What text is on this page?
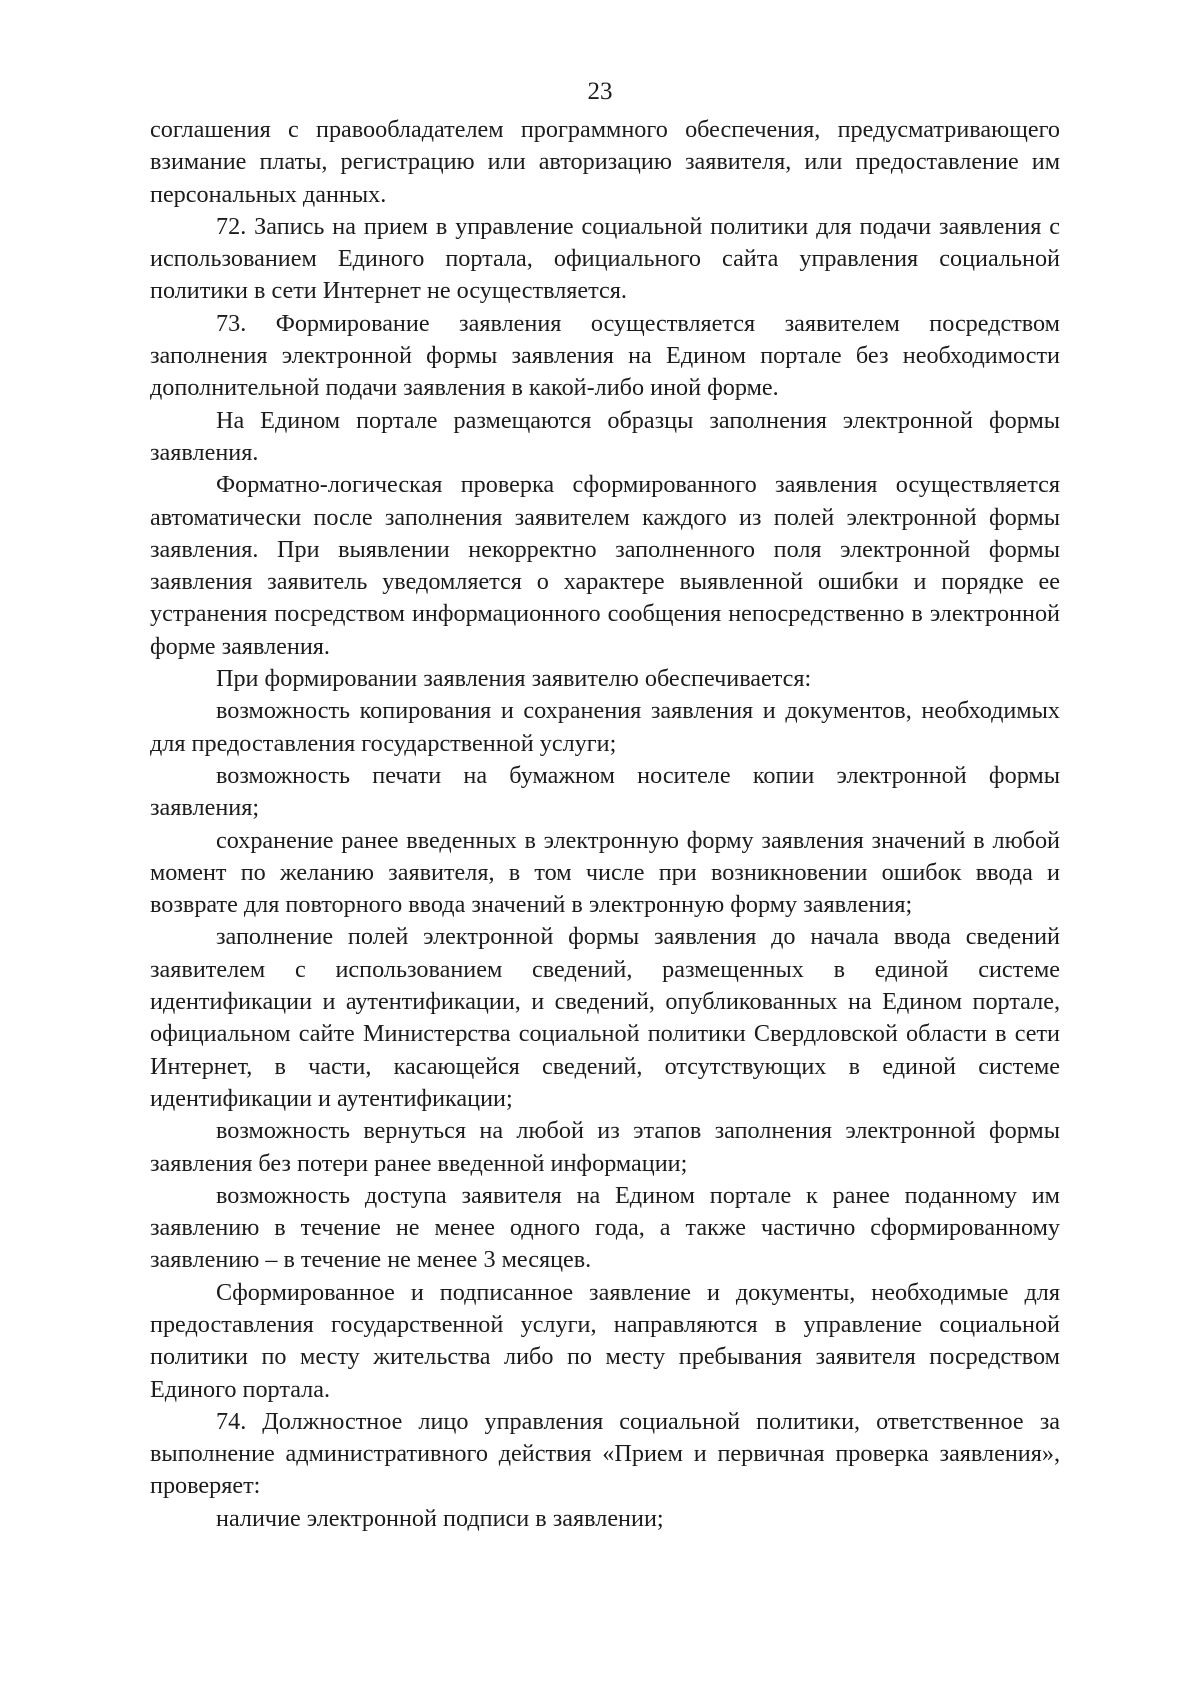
23

соглашения с правообладателем программного обеспечения, предусматривающего взимание платы, регистрацию или авторизацию заявителя, или предоставление им персональных данных.

72. Запись на прием в управление социальной политики для подачи заявления с использованием Единого портала, официального сайта управления социальной политики в сети Интернет не осуществляется.

73. Формирование заявления осуществляется заявителем посредством заполнения электронной формы заявления на Едином портале без необходимости дополнительной подачи заявления в какой-либо иной форме.

На Едином портале размещаются образцы заполнения электронной формы заявления.

Форматно-логическая проверка сформированного заявления осуществляется автоматически после заполнения заявителем каждого из полей электронной формы заявления. При выявлении некорректно заполненного поля электронной формы заявления заявитель уведомляется о характере выявленной ошибки и порядке ее устранения посредством информационного сообщения непосредственно в электронной форме заявления.

При формировании заявления заявителю обеспечивается:

возможность копирования и сохранения заявления и документов, необходимых для предоставления государственной услуги;

возможность печати на бумажном носителе копии электронной формы заявления;

сохранение ранее введенных в электронную форму заявления значений в любой момент по желанию заявителя, в том числе при возникновении ошибок ввода и возврате для повторного ввода значений в электронную форму заявления;

заполнение полей электронной формы заявления до начала ввода сведений заявителем с использованием сведений, размещенных в единой системе идентификации и аутентификации, и сведений, опубликованных на Едином портале, официальном сайте Министерства социальной политики Свердловской области в сети Интернет, в части, касающейся сведений, отсутствующих в единой системе идентификации и аутентификации;

возможность вернуться на любой из этапов заполнения электронной формы заявления без потери ранее введенной информации;

возможность доступа заявителя на Едином портале к ранее поданному им заявлению в течение не менее одного года, а также частично сформированному заявлению – в течение не менее 3 месяцев.

Сформированное и подписанное заявление и документы, необходимые для предоставления государственной услуги, направляются в управление социальной политики по месту жительства либо по месту пребывания заявителя посредством Единого портала.

74. Должностное лицо управления социальной политики, ответственное за выполнение административного действия «Прием и первичная проверка заявления», проверяет:

наличие электронной подписи в заявлении;
